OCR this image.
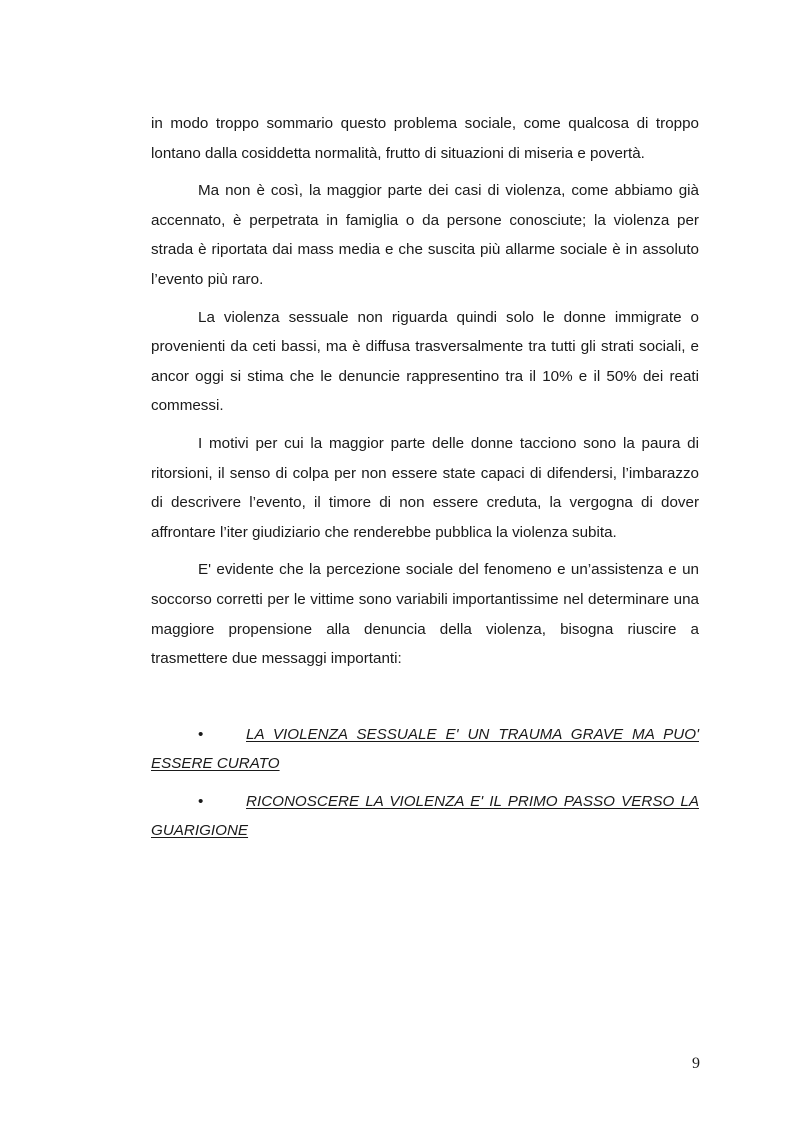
in modo troppo sommario questo problema sociale, come qualcosa di troppo lontano dalla cosiddetta normalità, frutto di situazioni di miseria e povertà.

Ma non è così, la maggior parte dei casi di violenza, come abbiamo già accennato, è perpetrata in famiglia o da persone conosciute; la violenza per strada è riportata dai mass media e che suscita più allarme sociale è in assoluto l’evento più raro.

La violenza sessuale non riguarda quindi solo le donne immigrate o provenienti da ceti bassi, ma è diffusa trasversalmente tra tutti gli strati sociali, e ancor oggi si stima che le denuncie rappresentino tra il 10% e il 50% dei reati commessi.

I motivi per cui la maggior parte delle donne tacciono sono la paura di ritorsioni, il senso di colpa per non essere state capaci di difendersi, l’imbarazzo di descrivere l’evento, il timore di non essere creduta, la vergogna di dover affrontare l’iter giudiziario che renderebbe pubblica la violenza subita.

E' evidente che la percezione sociale del fenomeno e un’assistenza e un soccorso corretti per le vittime sono variabili importantissime nel determinare una maggiore propensione alla denuncia della violenza, bisogna riuscire a trasmettere due messaggi importanti:

•	LA VIOLENZA SESSUALE E' UN TRAUMA GRAVE MA PUO' ESSERE CURATO

•	RICONOSCERE LA VIOLENZA E' IL PRIMO PASSO VERSO LA GUARIGIONE

9
